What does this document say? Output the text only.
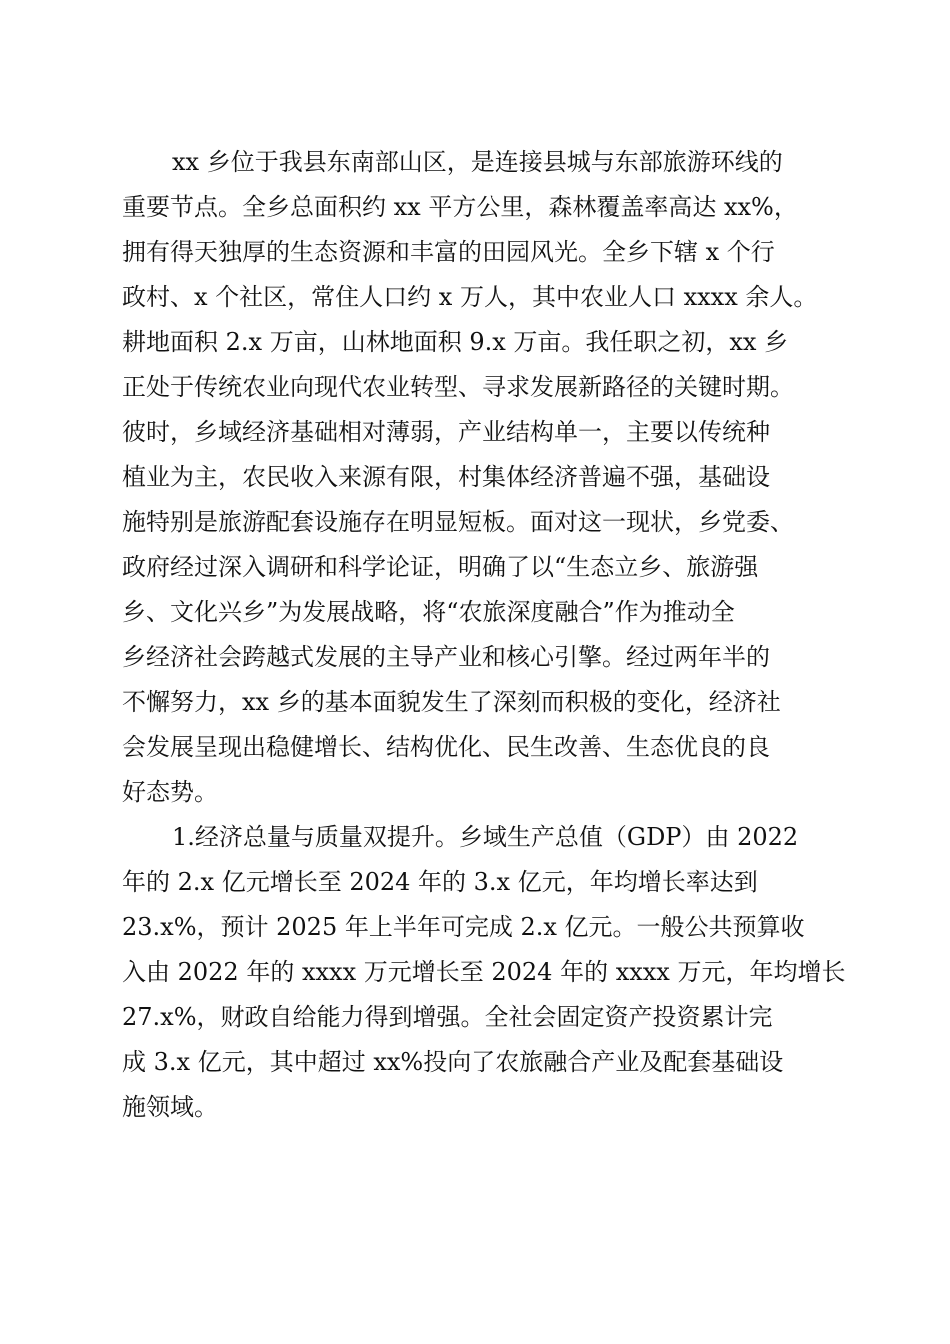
xx 乡位于我县东南部山区，是连接县城与东部旅游环线的
重要节点。全乡总面积约 xx 平方公里，森林覆盖率高达 xx%，
拥有得天独厚的生态资源和丰富的田园风光。全乡下辖 x 个行
政村、x 个社区，常住人口约 x 万人，其中农业人口 xxxx 余人。
耕地面积 2.x 万亩，山林地面积 9.x 万亩。我任职之初，xx 乡
正处于传统农业向现代农业转型、寻求发展新路径的关键时期。
彼时，乡域经济基础相对薄弱，产业结构单一，主要以传统种
植业为主，农民收入来源有限，村集体经济普遍不强，基础设
施特别是旅游配套设施存在明显短板。面对这一现状，乡党委、
政府经过深入调研和科学论证，明确了以“生态立乡、旅游强
乡、文化兴乡”为发展战略，将“农旅深度融合”作为推动全
乡经济社会跨越式发展的主导产业和核心引擎。经过两年半的
不懈努力，xx 乡的基本面貌发生了深刻而积极的变化，经济社
会发展呈现出稳健增长、结构优化、民生改善、生态优良的良
好态势。
1.经济总量与质量双提升。乡域生产总值（GDP）由 2022
年的 2.x 亿元增长至 2024 年的 3.x 亿元，年均增长率达到
23.x%，预计 2025 年上半年可完成 2.x 亿元。一般公共预算收
入由 2022 年的 xxxx 万元增长至 2024 年的 xxxx 万元，年均增长
27.x%，财政自给能力得到增强。全社会固定资产投资累计完
成 3.x 亿元，其中超过 xx%投向了农旅融合产业及配套基础设
施领域。
